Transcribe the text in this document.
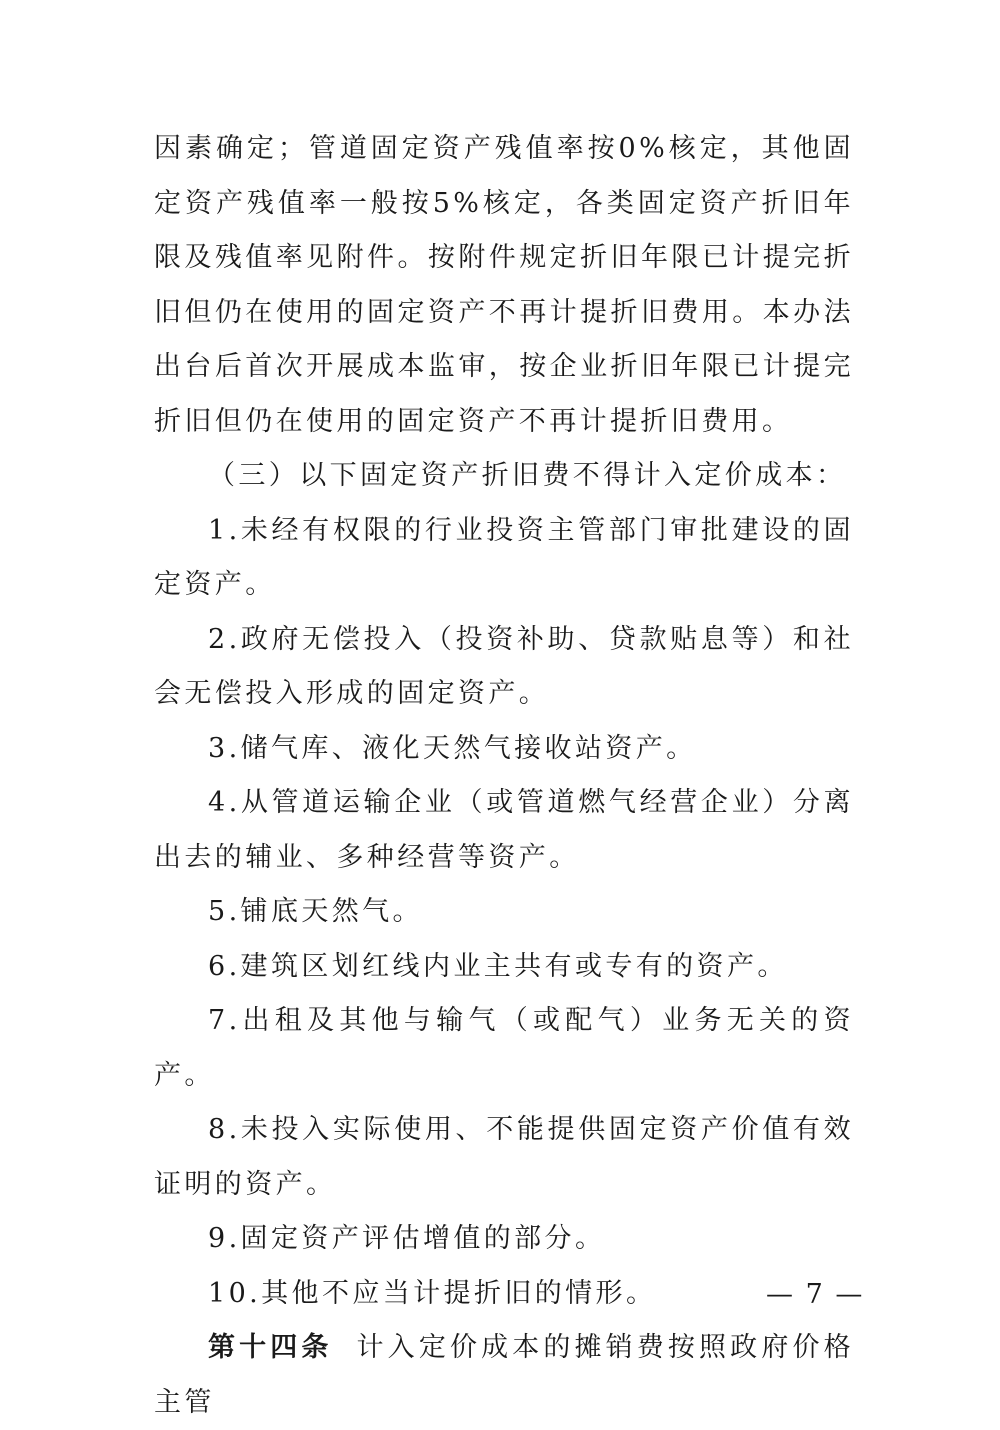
因素确定；管道固定资产残值率按0%核定，其他固定资产残值率一般按5%核定，各类固定资产折旧年限及残值率见附件。按附件规定折旧年限已计提完折旧但仍在使用的固定资产不再计提折旧费用。本办法出台后首次开展成本监审，按企业折旧年限已计提完折旧但仍在使用的固定资产不再计提折旧费用。

（三）以下固定资产折旧费不得计入定价成本：

1.未经有权限的行业投资主管部门审批建设的固定资产。

2.政府无偿投入（投资补助、贷款贴息等）和社会无偿投入形成的固定资产。

3.储气库、液化天然气接收站资产。

4.从管道运输企业（或管道燃气经营企业）分离出去的辅业、多种经营等资产。

5.铺底天然气。

6.建筑区划红线内业主共有或专有的资产。

7.出租及其他与输气（或配气）业务无关的资产。

8.未投入实际使用、不能提供固定资产价值有效证明的资产。

9.固定资产评估增值的部分。

10.其他不应当计提折旧的情形。

第十四条 计入定价成本的摊销费按照政府价格主管

— 7 —
